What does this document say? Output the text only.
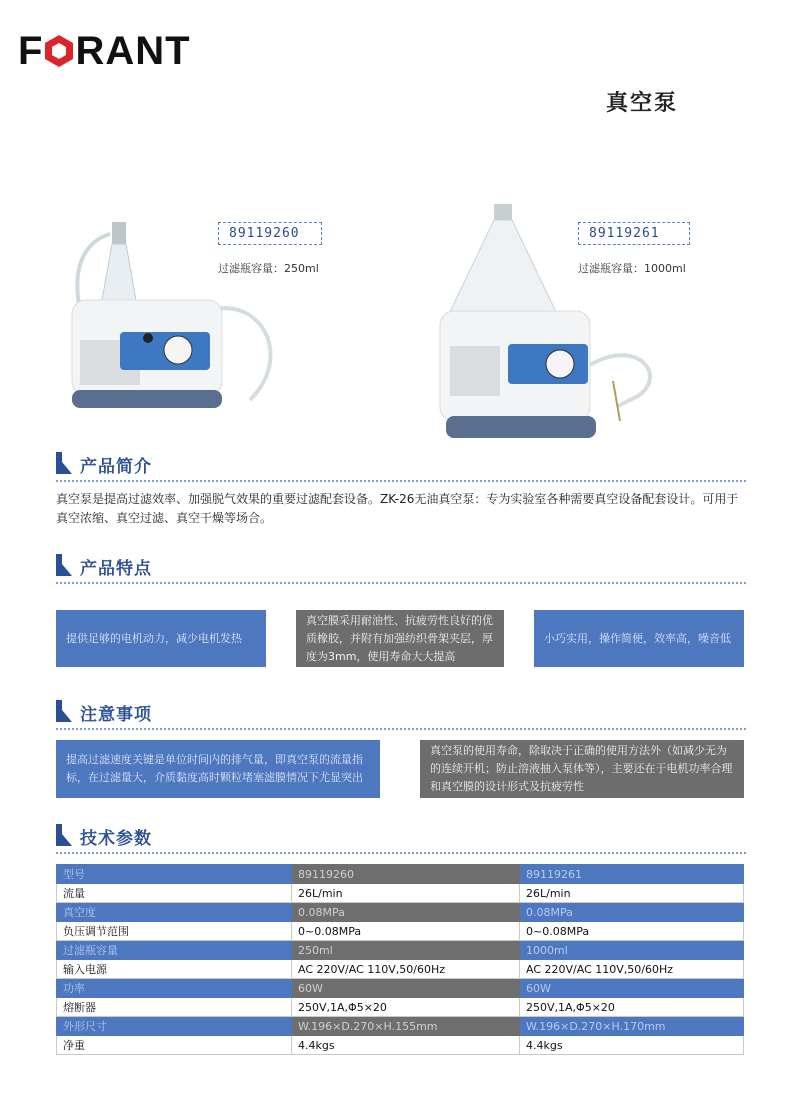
F RANT
真空泵
89119260
过滤瓶容量：250ml
89119261
过滤瓶容量：1000ml
产品简介
真空泵是提高过滤效率、加强脱气效果的重要过滤配套设备。ZK-26无油真空泵：专为实验室各种需要真空设备配套设计。可用于真空浓缩、真空过滤、真空干燥等场合。
产品特点
提供足够的电机动力，减少电机发热
真空膜采用耐油性、抗疲劳性良好的优质橡胶，并附有加强纺织骨架夹层，厚度为3mm，使用寿命大大提高
小巧实用，操作简便，效率高，噪音低
注意事项
提高过滤速度关键是单位时间内的排气量，即真空泵的流量指标，在过滤量大，介质黏度高时颗粒堵塞滤膜情况下尤显突出
真空泵的使用寿命，除取决于正确的使用方法外（如减少无为的连续开机；防止溶液抽入泵体等），主要还在于电机功率合理和真空膜的设计形式及抗疲劳性
技术参数
型号	89119260	89119261
流量	26L/min	26L/min
真空度	0.08MPa	0.08MPa
负压调节范围	0~0.08MPa	0~0.08MPa
过滤瓶容量	250ml	1000ml
输入电源	AC 220V/AC 110V,50/60Hz	AC 220V/AC 110V,50/60Hz
功率	60W	60W
熔断器	250V,1A,Φ5×20	250V,1A,Φ5×20
外形尺寸	W.196×D.270×H.155mm	W.196×D.270×H.170mm
净重	4.4kgs	4.4kgs
